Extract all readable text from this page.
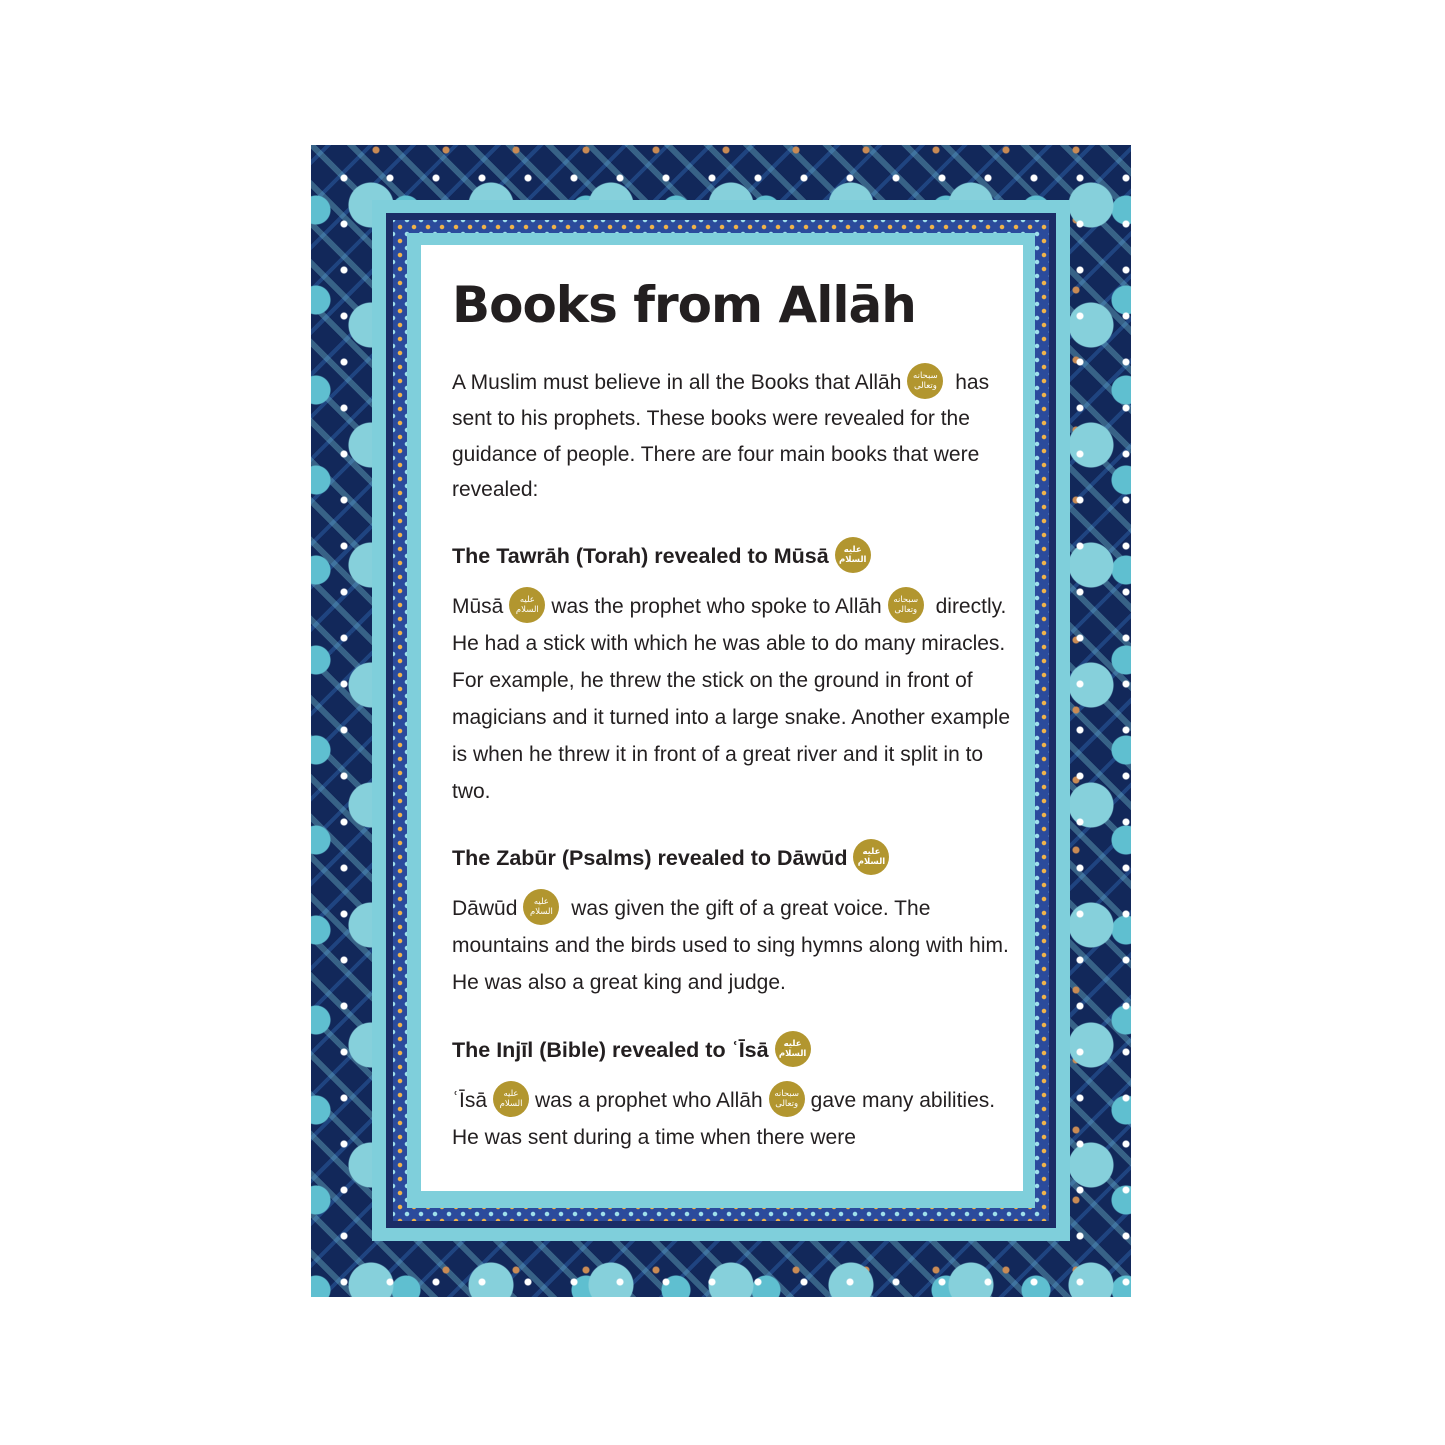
Books from Allāh

A Muslim must believe in all the Books that Allāh	سبحانه وتعالى has sent to his prophets. These books were revealed for the guidance of people. There are four main books that were revealed:

The Tawrāh (Torah) revealed to Mūsā	عليه السلام

Mūsā	عليه السلام was the prophet who spoke to Allāh	سبحانه وتعالى directly. He had a stick with which he was able to do many miracles. For example, he threw the stick on the ground in front of magicians and it turned into a large snake. Another example is when he threw it in front of a great river and it split in to two.

The Zabūr (Psalms) revealed to Dāwūd	عليه السلام

Dāwūd	عليه السلام was given the gift of a great voice. The mountains and the birds used to sing hymns along with him. He was also a great king and judge.

The Injīl (Bible) revealed to ʿĪsā	عليه السلام

ʿĪsā	عليه السلام was a prophet who Allāh	سبحانه وتعالى gave many abilities. He was sent during a time when there were
